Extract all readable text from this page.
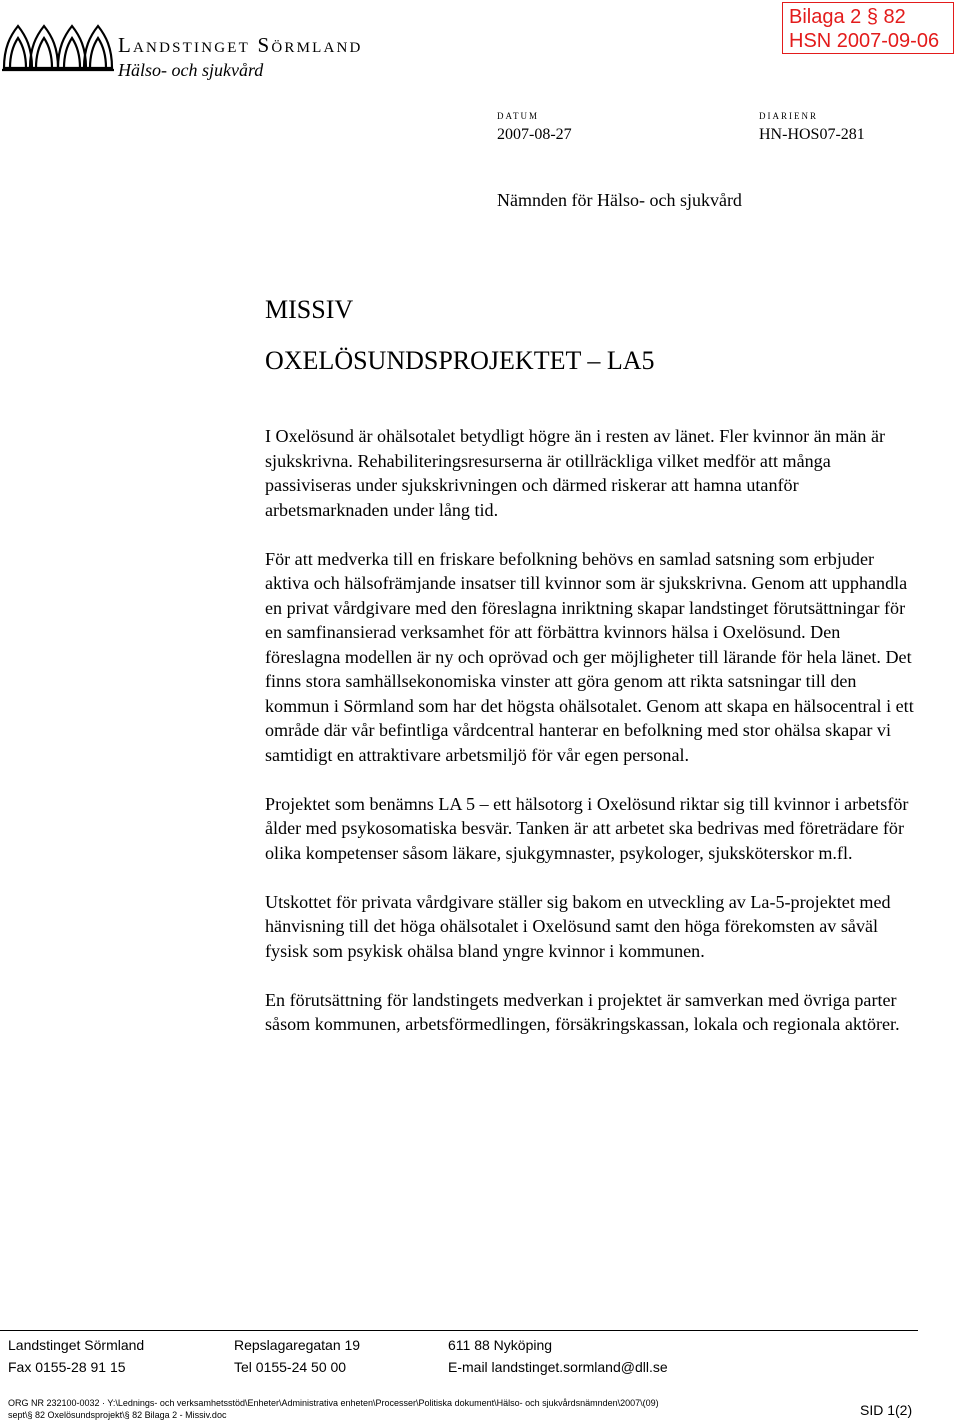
Landstinget Sörmland
Hälso- och sjukvård
Bilaga 2 § 82
HSN 2007-09-06
DATUM
2007-08-27
DIARIENR
HN-HOS07-281
Nämnden för Hälso- och sjukvård
MISSIV
OXELÖSUNDSPROJEKTET – LA5

I Oxelösund är ohälsotalet betydligt högre än i resten av länet. Fler kvinnor än män är sjukskrivna. Rehabiliteringsresurserna är otillräckliga vilket medför att många passiviseras under sjukskrivningen och därmed riskerar att hamna utanför arbetsmarknaden under lång tid.

För att medverka till en friskare befolkning behövs en samlad satsning som erbjuder aktiva och hälsofrämjande insatser till kvinnor som är sjukskrivna. Genom att upphandla en privat vårdgivare med den föreslagna inriktning skapar landstinget förutsättningar för en samfinansierad verksamhet för att förbättra kvinnors hälsa i Oxelösund. Den föreslagna modellen är ny och oprövad och ger möjligheter till lärande för hela länet. Det finns stora samhällsekonomiska vinster att göra genom att rikta satsningar till den kommun i Sörmland som har det högsta ohälsotalet. Genom att skapa en hälsocentral i ett område där vår befintliga vårdcentral hanterar en befolkning med stor ohälsa skapar vi samtidigt en attraktivare arbetsmiljö för vår egen personal.

Projektet som benämns LA 5 – ett hälsotorg i Oxelösund riktar sig till kvinnor i arbetsför ålder med psykosomatiska besvär. Tanken är att arbetet ska bedrivas med företrädare för olika kompetenser såsom läkare, sjukgymnaster, psykologer, sjuksköterskor m.fl.

Utskottet för privata vårdgivare ställer sig bakom en utveckling av La-5-projektet med hänvisning till det höga ohälsotalet i Oxelösund samt den höga förekomsten av såväl fysisk som psykisk ohälsa bland yngre kvinnor i kommunen.

En förutsättning för landstingets medverkan i projektet är samverkan med övriga parter såsom kommunen, arbetsförmedlingen, försäkringskassan, lokala och regionala aktörer.

Landstinget Sörmland	Repslagaregatan 19	611 88 Nyköping
Fax 0155-28 91 15	Tel 0155-24 50 00	E-mail landstinget.sormland@dll.se
ORG NR 232100-0032 · Y:\Lednings- och verksamhetsstöd\Enheter\Administrativa enheten\Processer\Politiska dokument\Hälso- och sjukvårdsnämnden\2007\(09)
sept\§ 82 Oxelösundsprojekt\§ 82 Bilaga 2 - Missiv.doc	SID 1(2)
